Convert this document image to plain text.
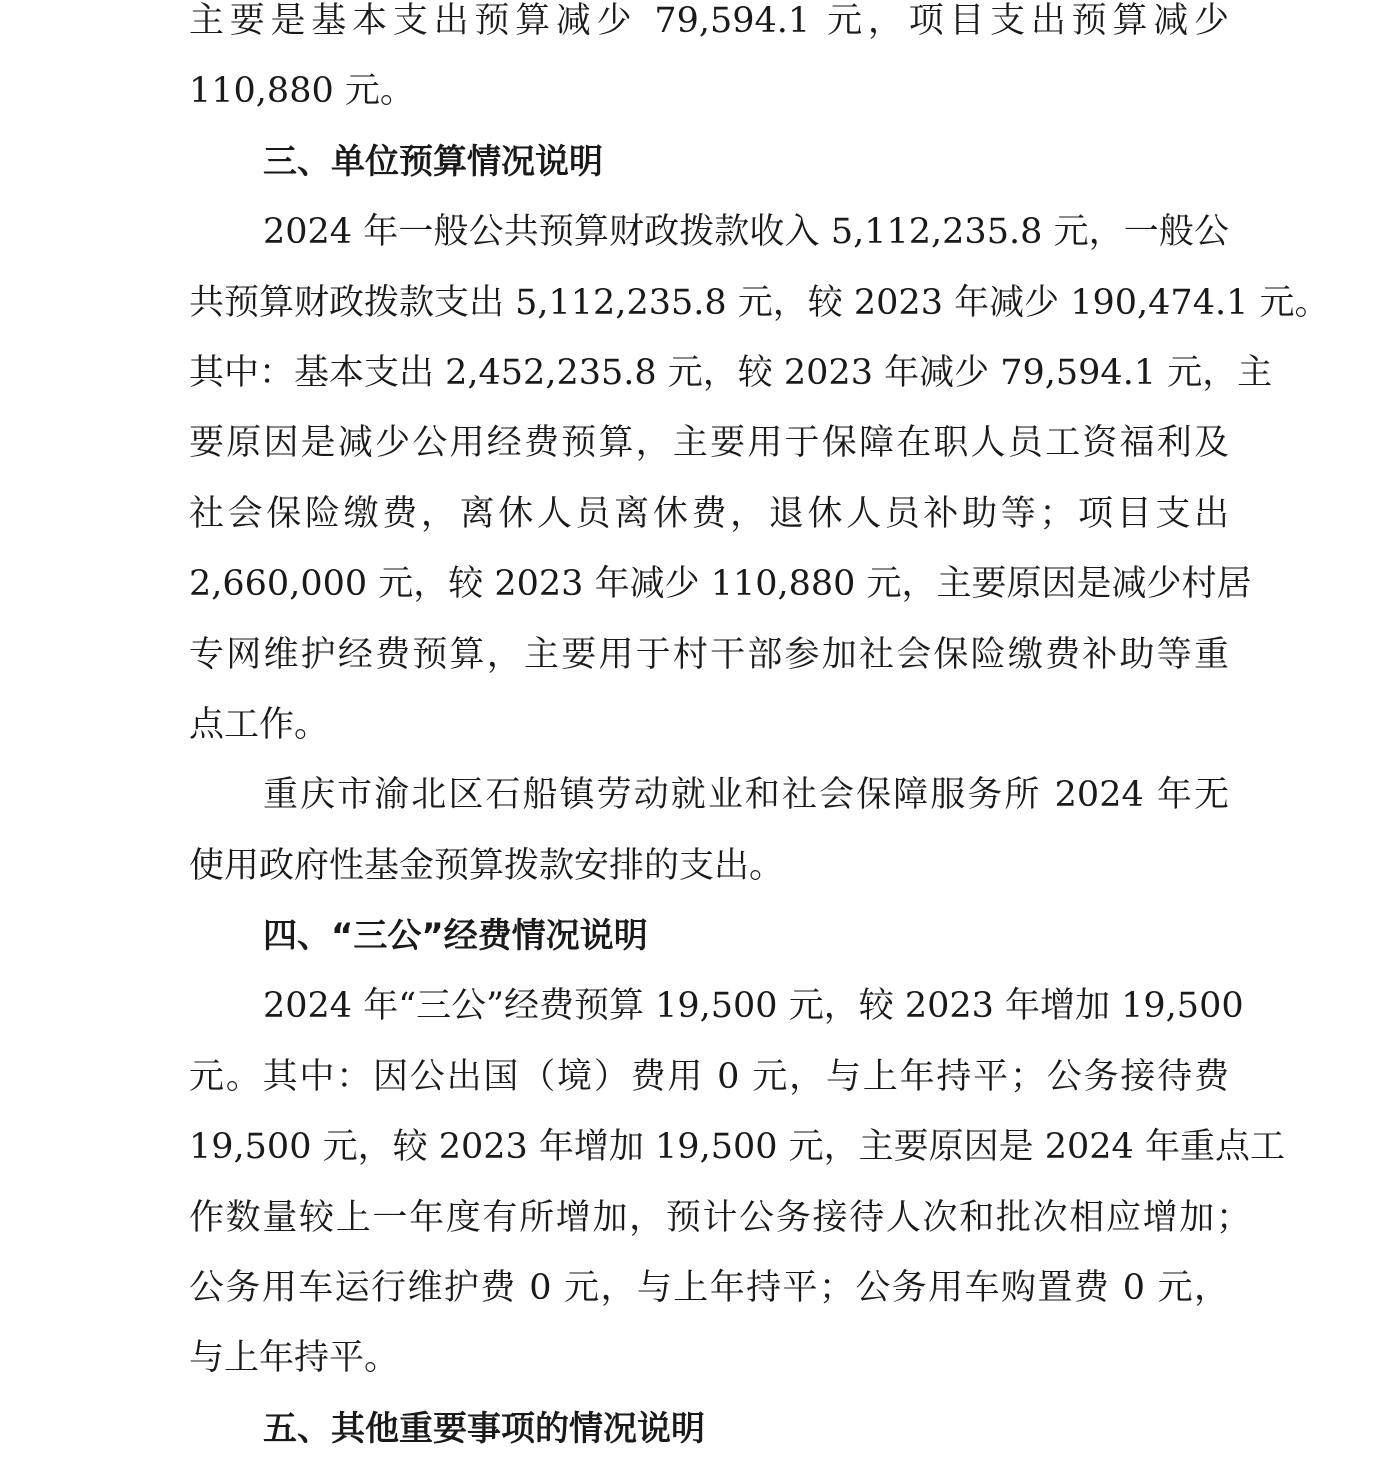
主要是基本支出预算减少 79,594.1 元，项目支出预算减少
110,880 元。
三、单位预算情况说明
2024 年一般公共预算财政拨款收入 5,112,235.8 元，一般公
共预算财政拨款支出 5,112,235.8 元，较 2023 年减少 190,474.1 元。
其中：基本支出 2,452,235.8 元，较 2023 年减少 79,594.1 元，主
要原因是减少公用经费预算，主要用于保障在职人员工资福利及
社会保险缴费，离休人员离休费，退休人员补助等；项目支出
2,660,000 元，较 2023 年减少 110,880 元，主要原因是减少村居
专网维护经费预算，主要用于村干部参加社会保险缴费补助等重
点工作。
重庆市渝北区石船镇劳动就业和社会保障服务所 2024 年无
使用政府性基金预算拨款安排的支出。
四、“三公”经费情况说明
2024 年“三公”经费预算 19,500 元，较 2023 年增加 19,500
元。其中：因公出国（境）费用 0 元，与上年持平；公务接待费
19,500 元，较 2023 年增加 19,500 元，主要原因是 2024 年重点工
作数量较上一年度有所增加，预计公务接待人次和批次相应增加；
公务用车运行维护费 0 元，与上年持平；公务用车购置费 0 元，
与上年持平。
五、其他重要事项的情况说明
